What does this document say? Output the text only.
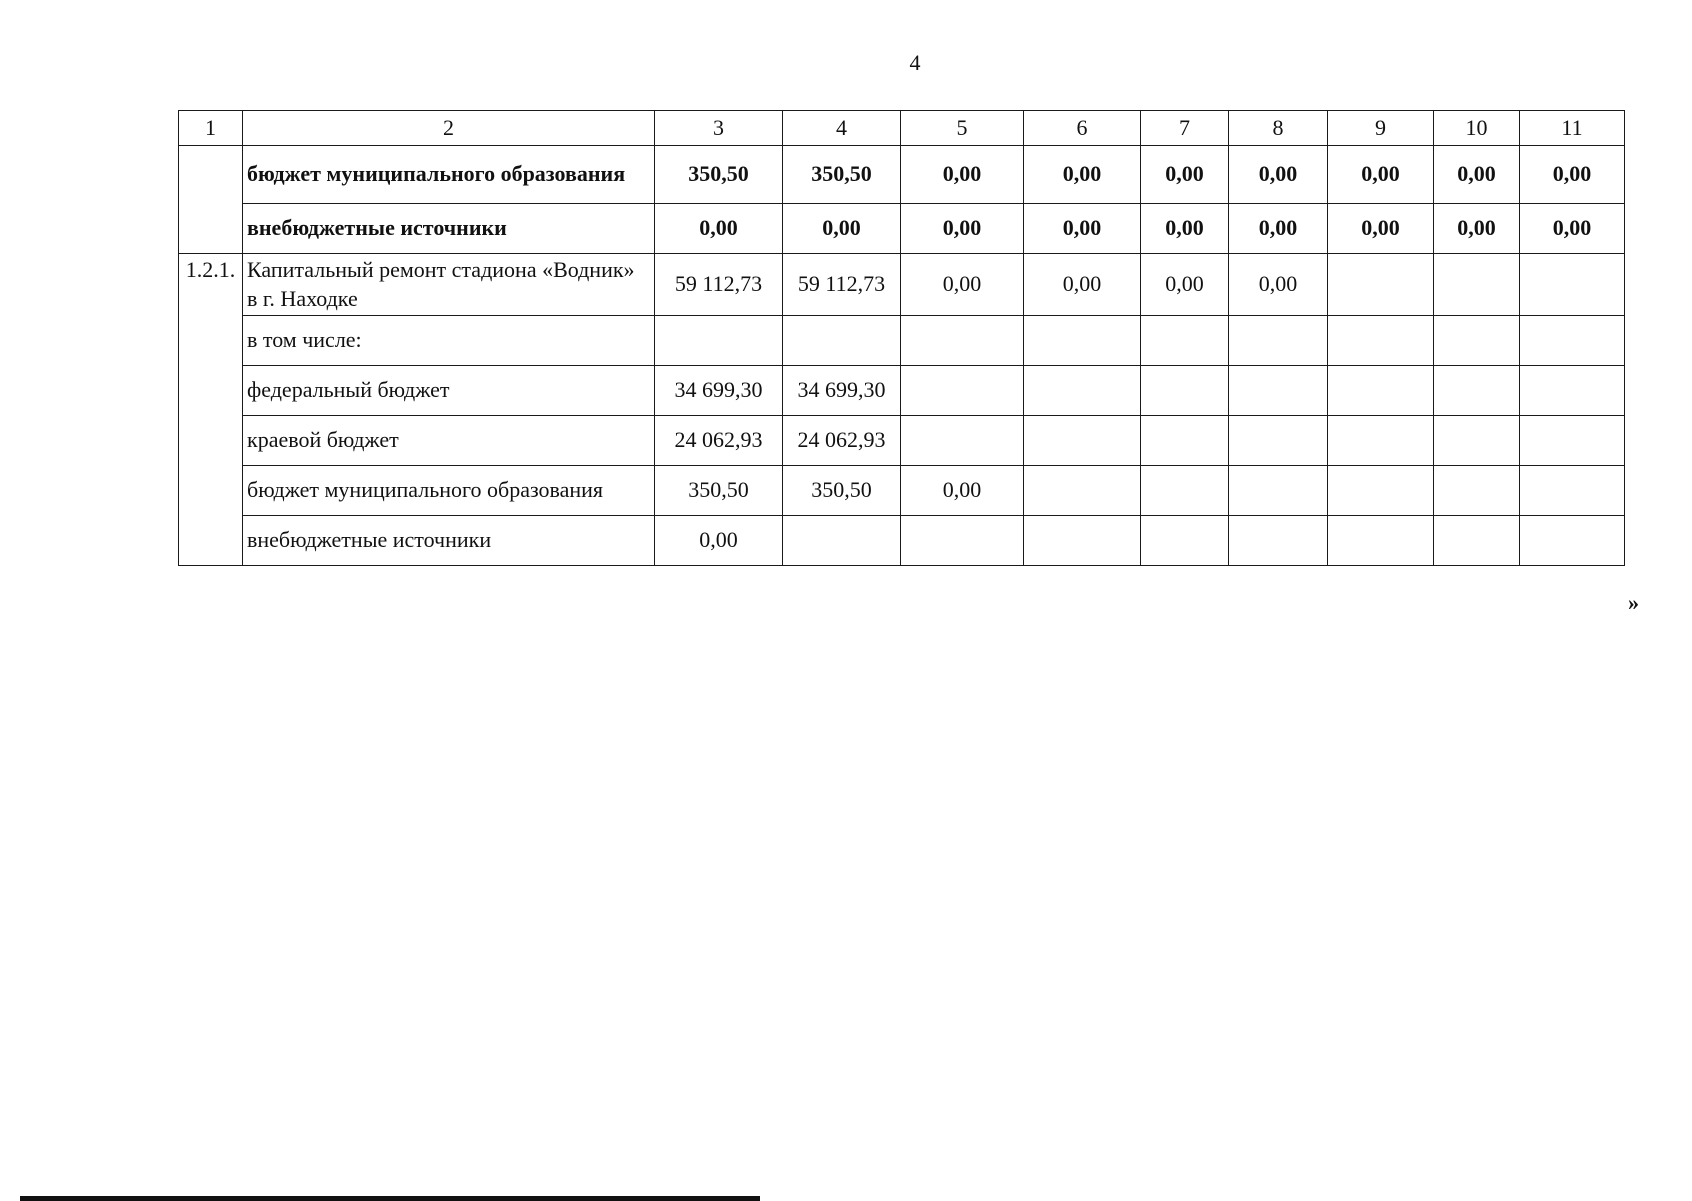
4
1	2	3	4	5	6	7	8	9	10	11
	бюджет муниципального образования	350,50	350,50	0,00	0,00	0,00	0,00	0,00	0,00	0,00
	внебюджетные источники	0,00	0,00	0,00	0,00	0,00	0,00	0,00	0,00	0,00
1.2.1.	Капитальный ремонт стадиона «Водник» в г. Находке	59 112,73	59 112,73	0,00	0,00	0,00	0,00			
	в том числе:									
	федеральный бюджет	34 699,30	34 699,30							
	краевой бюджет	24 062,93	24 062,93							
	бюджет муниципального образования	350,50	350,50	0,00						
	внебюджетные источники	0,00								
»
